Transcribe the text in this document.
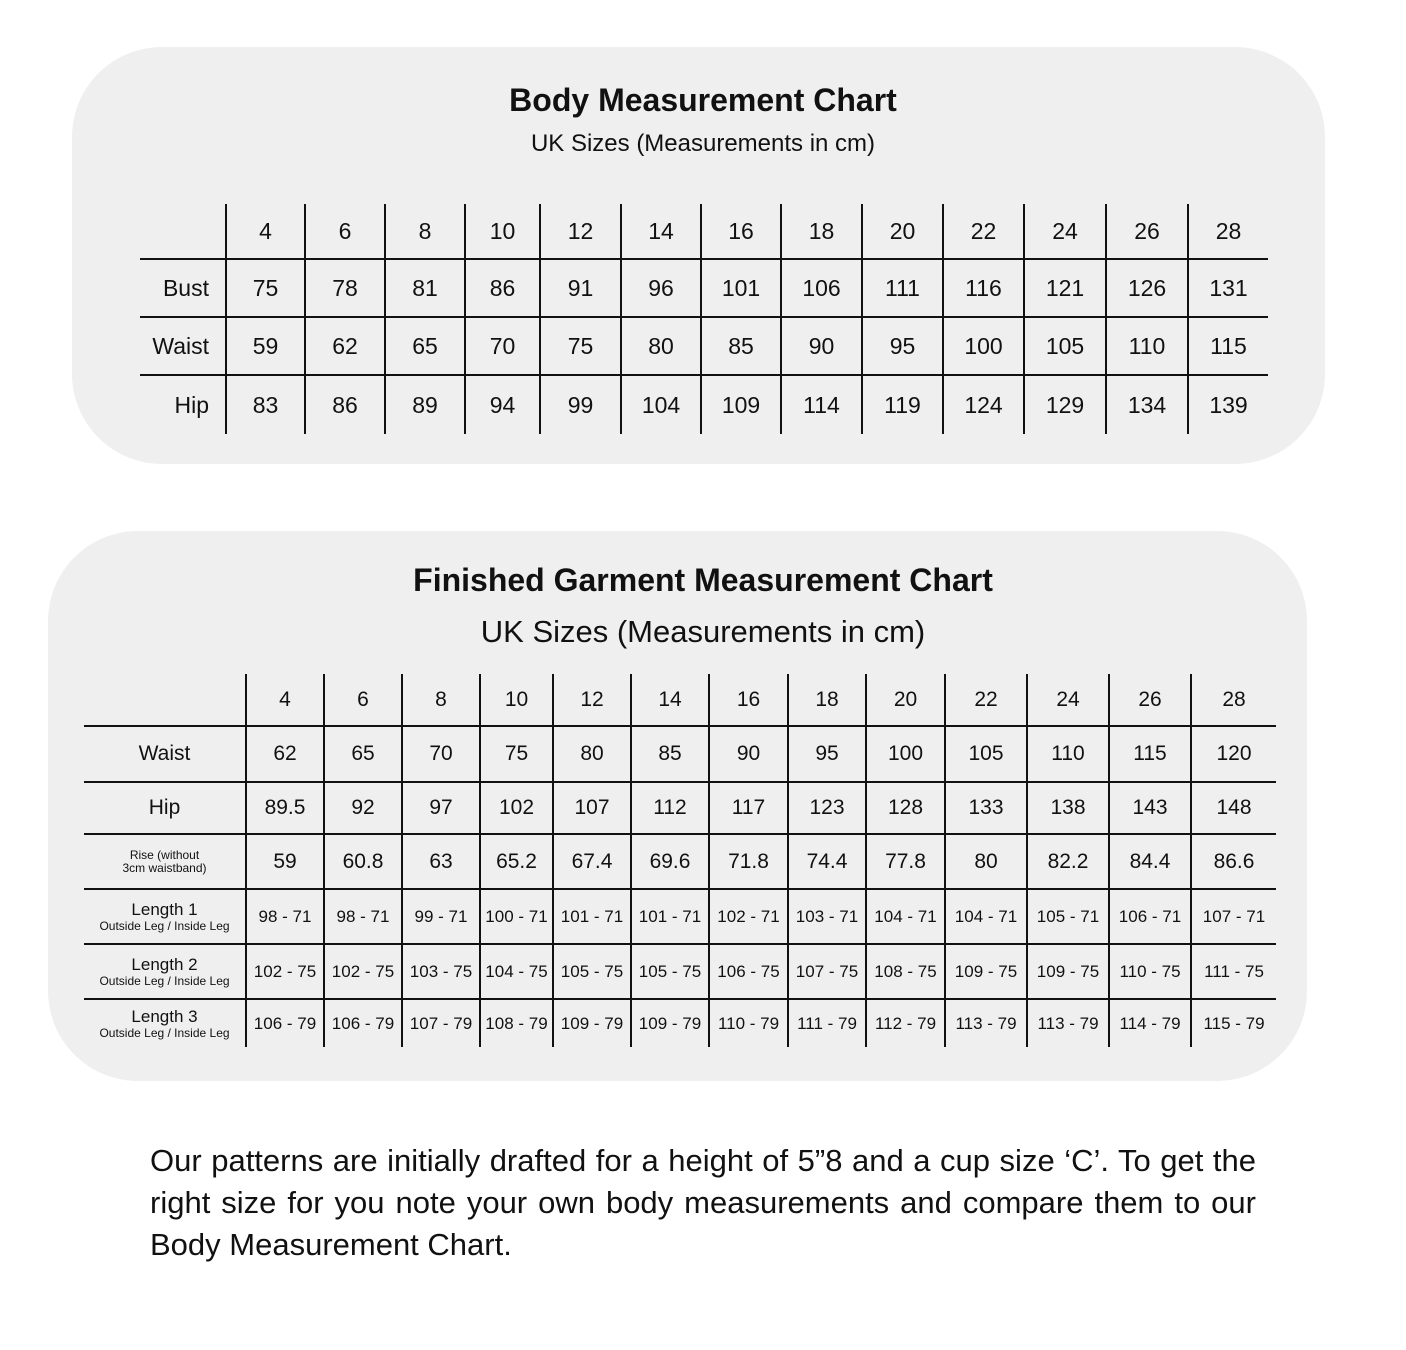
Body Measurement Chart
UK Sizes (Measurements in cm)
	4	6	8	10	12	14	16	18	20	22	24	26	28
Bust	75	78	81	86	91	96	101	106	111	116	121	126	131
Waist	59	62	65	70	75	80	85	90	95	100	105	110	115
Hip	83	86	89	94	99	104	109	114	119	124	129	134	139
Finished Garment Measurement Chart
UK Sizes (Measurements in cm)
	4	6	8	10	12	14	16	18	20	22	24	26	28
Waist	62	65	70	75	80	85	90	95	100	105	110	115	120
Hip	89.5	92	97	102	107	112	117	123	128	133	138	143	148

Rise (without
3cm waistband)	59	60.8	63	65.2	67.4	69.6	71.8	74.4	77.8	80	82.2	84.4	86.6

Length 1
Outside Leg / Inside Leg	98 - 71	98 - 71	99 - 71	100 - 71	101 - 71	101 - 71	102 - 71	103 - 71	104 - 71	104 - 71	105 - 71	106 - 71	107 - 71

Length 2
Outside Leg / Inside Leg	102 - 75	102 - 75	103 - 75	104 - 75	105 - 75	105 - 75	106 - 75	107 - 75	108 - 75	109 - 75	109 - 75	110 - 75	111 - 75

Length 3
Outside Leg / Inside Leg	106 - 79	106 - 79	107 - 79	108 - 79	109 - 79	109 - 79	110 - 79	111 - 79	112 - 79	113 - 79	113 - 79	114 - 79	115 - 79
Our patterns are initially drafted for a height of 5”8 and a cup size ‘C’. To get the right size for you note your own body measurements and compare them to our Body Measurement Chart.
